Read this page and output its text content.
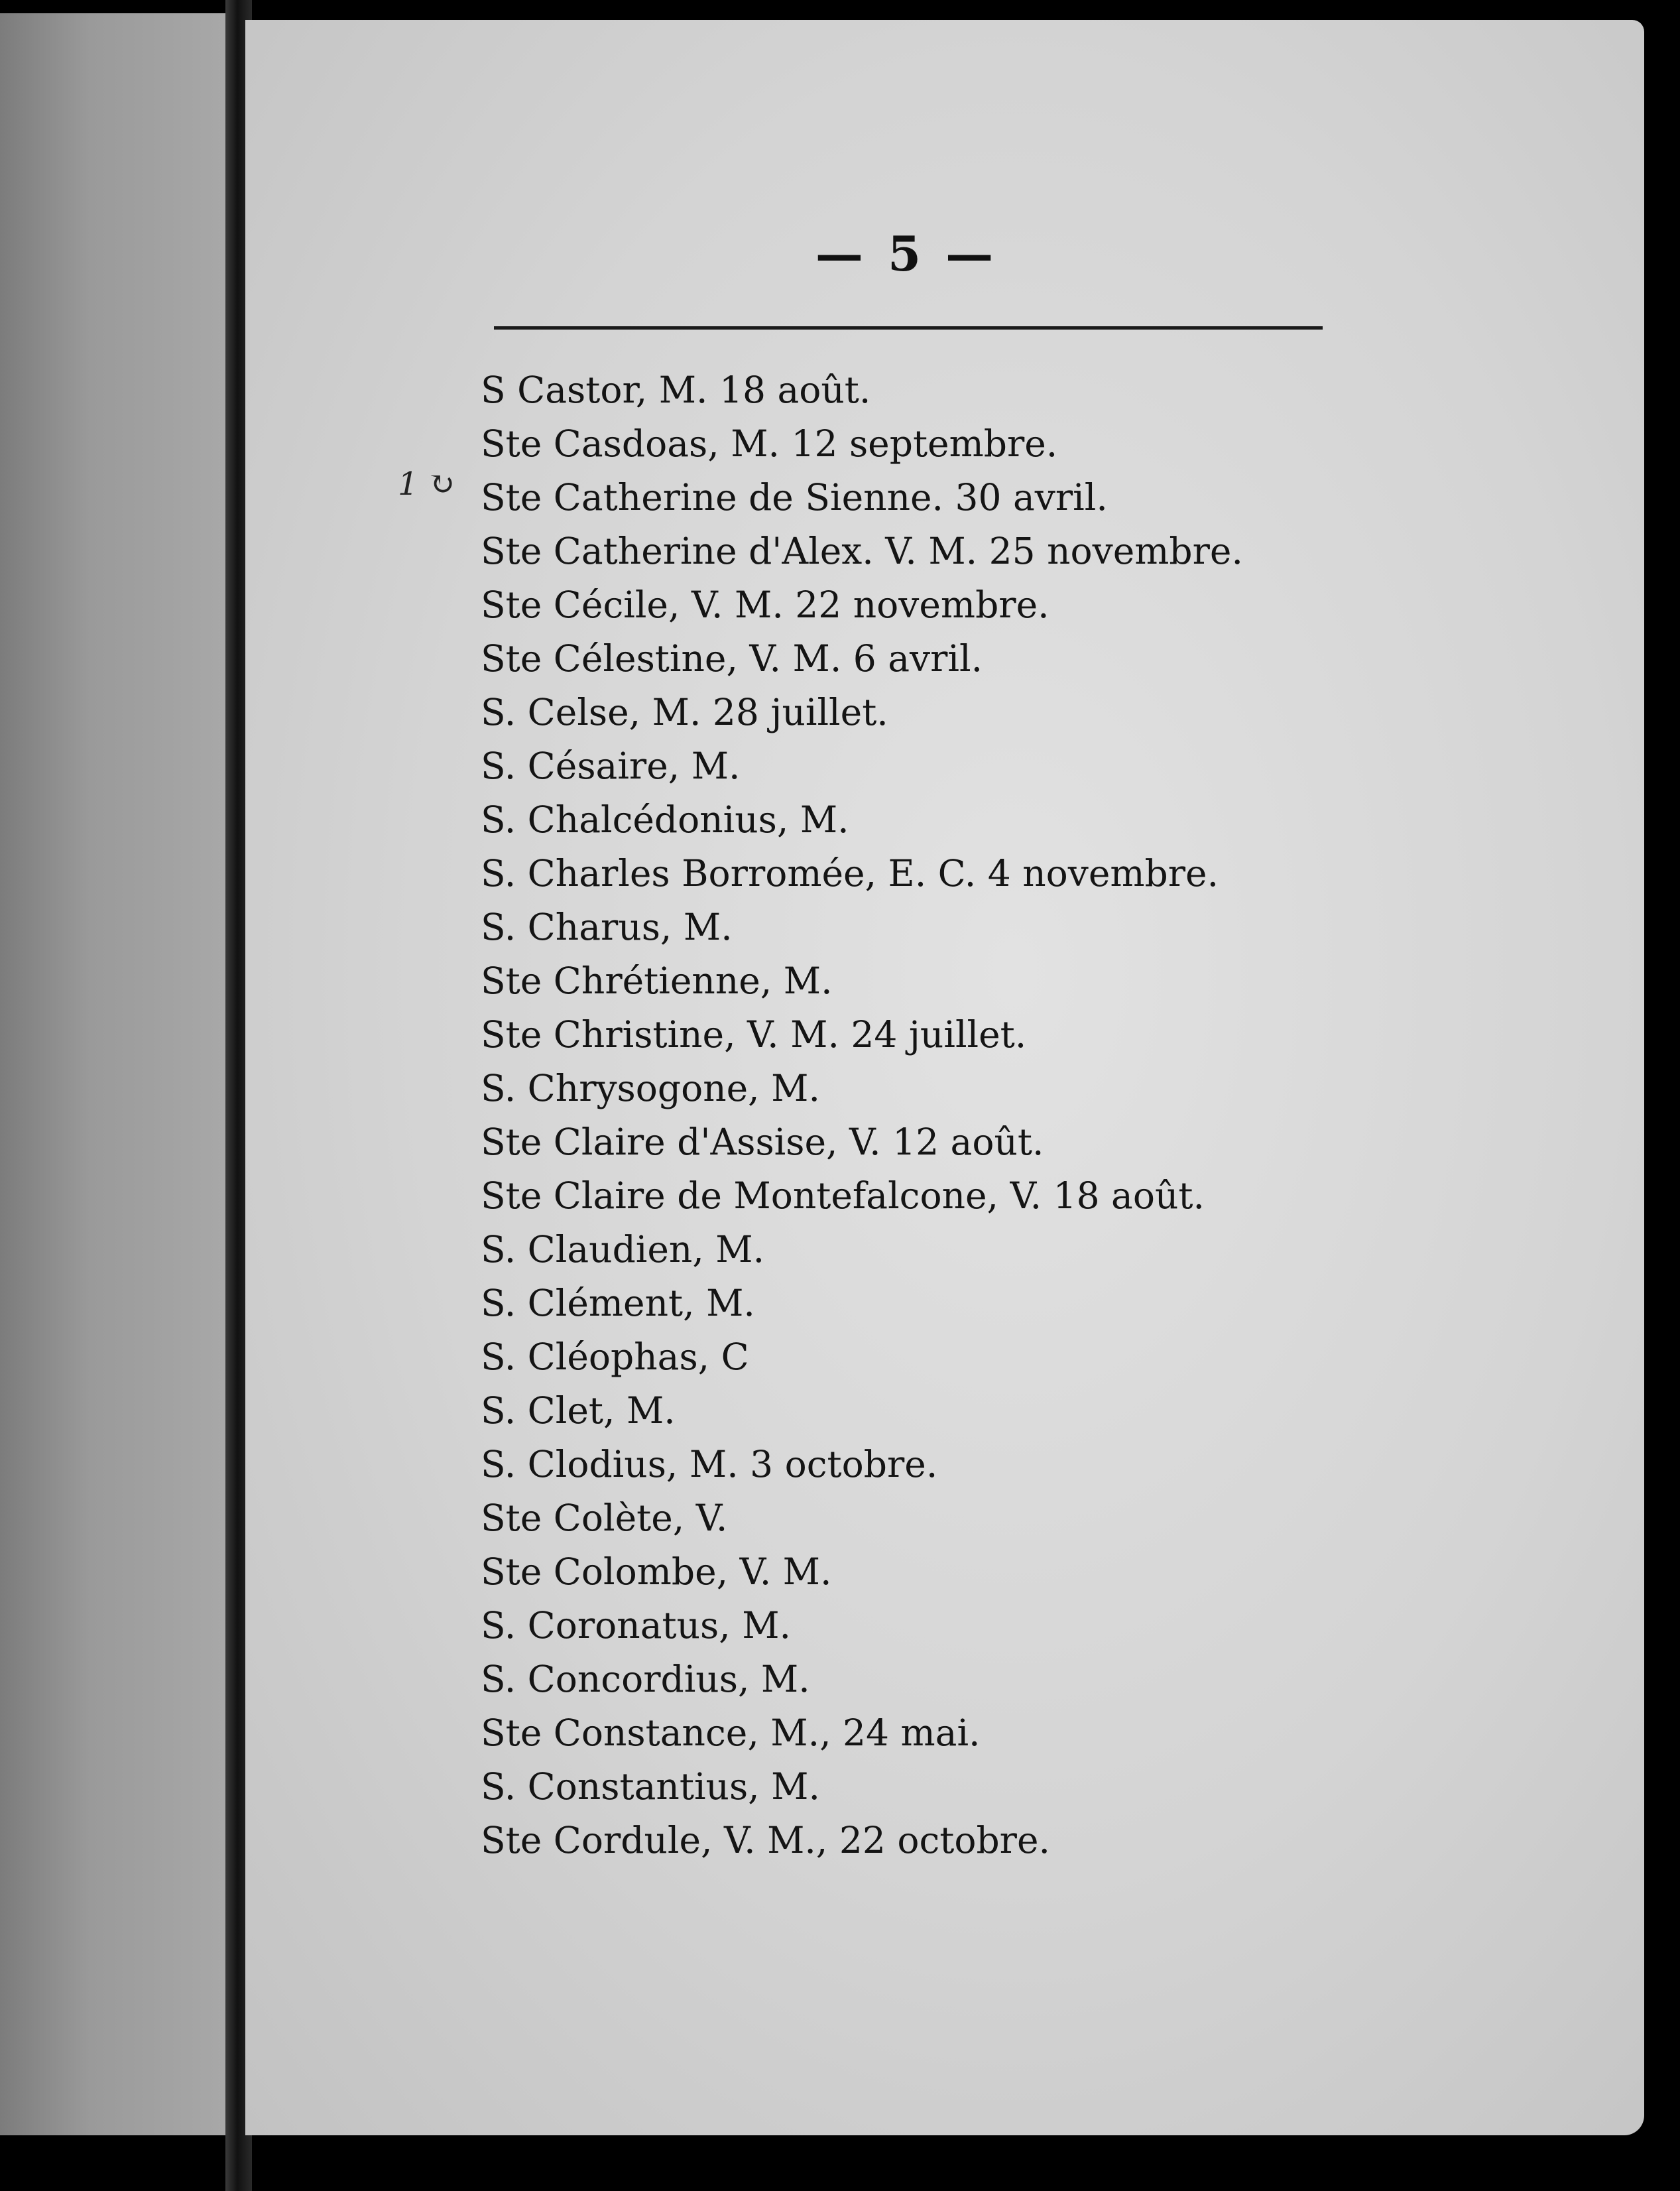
— 5 —
1 ↻
S Castor, M. 18 août.
Ste Casdoas, M. 12 septembre.
Ste Catherine de Sienne. 30 avril.
Ste Catherine d'Alex. V. M. 25 novembre.
Ste Cécile, V. M. 22 novembre.
Ste Célestine, V. M. 6 avril.
S. Celse, M. 28 juillet.
S. Césaire, M.
S. Chalcédonius, M.
S. Charles Borromée, E. C. 4 novembre.
S. Charus, M.
Ste Chrétienne, M.
Ste Christine, V. M. 24 juillet.
S. Chrysogone, M.
Ste Claire d'Assise, V. 12 août.
Ste Claire de Montefalcone, V. 18 août.
S. Claudien, M.
S. Clément, M.
S. Cléophas, C
S. Clet, M.
S. Clodius, M. 3 octobre.
Ste Colète, V.
Ste Colombe, V. M.
S. Coronatus, M.
S. Concordius, M.
Ste Constance, M., 24 mai.
S. Constantius, M.
Ste Cordule, V. M., 22 octobre.
